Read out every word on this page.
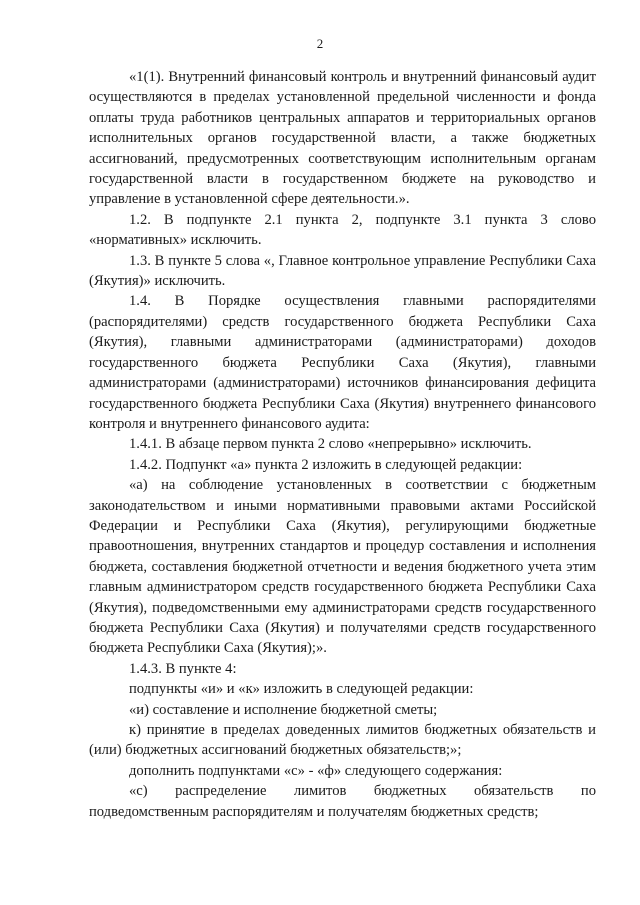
2

«1(1). Внутренний финансовый контроль и внутренний финансовый аудит осуществляются в пределах установленной предельной численности и фонда оплаты труда работников центральных аппаратов и территориальных органов исполнительных органов государственной власти, а также бюджетных ассигнований, предусмотренных соответствующим исполнительным органам государственной власти в государственном бюджете на руководство и управление в установленной сфере деятельности.».

1.2. В подпункте 2.1 пункта 2, подпункте 3.1 пункта 3 слово «нормативных» исключить.

1.3. В пункте 5 слова «, Главное контрольное управление Республики Саха (Якутия)» исключить.

1.4. В Порядке осуществления главными распорядителями (распорядителями) средств государственного бюджета Республики Саха (Якутия), главными администраторами (администраторами) доходов государственного бюджета Республики Саха (Якутия), главными администраторами (администраторами) источников финансирования дефицита государственного бюджета Республики Саха (Якутия) внутреннего финансового контроля и внутреннего финансового аудита:

1.4.1. В абзаце первом пункта 2 слово «непрерывно» исключить.

1.4.2. Подпункт «а» пункта 2 изложить в следующей редакции:

«а) на соблюдение установленных в соответствии с бюджетным законодательством и иными нормативными правовыми актами Российской Федерации и Республики Саха (Якутия), регулирующими бюджетные правоотношения, внутренних стандартов и процедур составления и исполнения бюджета, составления бюджетной отчетности и ведения бюджетного учета этим главным администратором средств государственного бюджета Республики Саха (Якутия), подведомственными ему администраторами средств государственного бюджета Республики Саха (Якутия) и получателями средств государственного бюджета Республики Саха (Якутия);».

1.4.3. В пункте 4:

подпункты «и» и «к» изложить в следующей редакции:

«и) составление и исполнение бюджетной сметы;

к) принятие в пределах доведенных лимитов бюджетных обязательств и (или) бюджетных ассигнований бюджетных обязательств;»;

дополнить подпунктами «с» - «ф» следующего содержания:

«с) распределение лимитов бюджетных обязательств по подведомственным распорядителям и получателям бюджетных средств;
